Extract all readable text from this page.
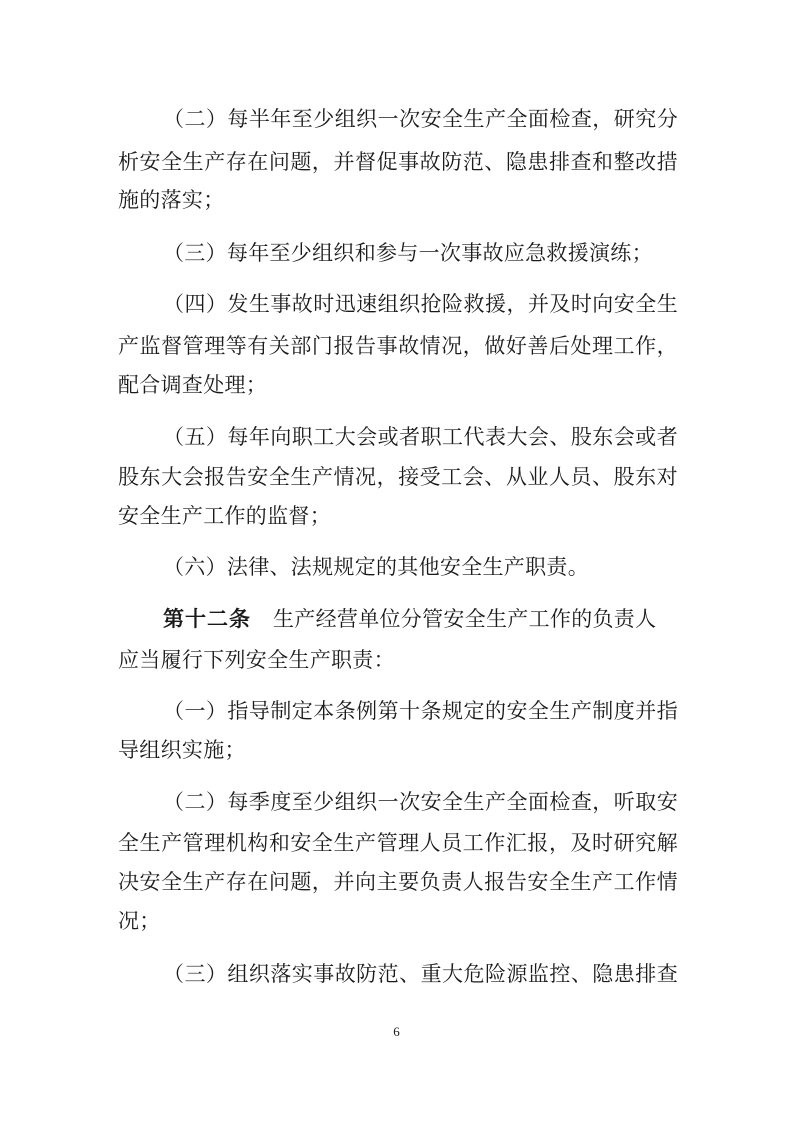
（二）每半年至少组织一次安全生产全面检查，研究分
析安全生产存在问题，并督促事故防范、隐患排查和整改措
施的落实；
（三）每年至少组织和参与一次事故应急救援演练；
（四）发生事故时迅速组织抢险救援，并及时向安全生
产监督管理等有关部门报告事故情况，做好善后处理工作，
配合调查处理；
（五）每年向职工大会或者职工代表大会、股东会或者
股东大会报告安全生产情况，接受工会、从业人员、股东对
安全生产工作的监督；
（六）法律、法规规定的其他安全生产职责。
第十二条 生产经营单位分管安全生产工作的负责人
应当履行下列安全生产职责：
（一）指导制定本条例第十条规定的安全生产制度并指
导组织实施；
（二）每季度至少组织一次安全生产全面检查，听取安
全生产管理机构和安全生产管理人员工作汇报，及时研究解
决安全生产存在问题，并向主要负责人报告安全生产工作情
况；
（三）组织落实事故防范、重大危险源监控、隐患排查
6
